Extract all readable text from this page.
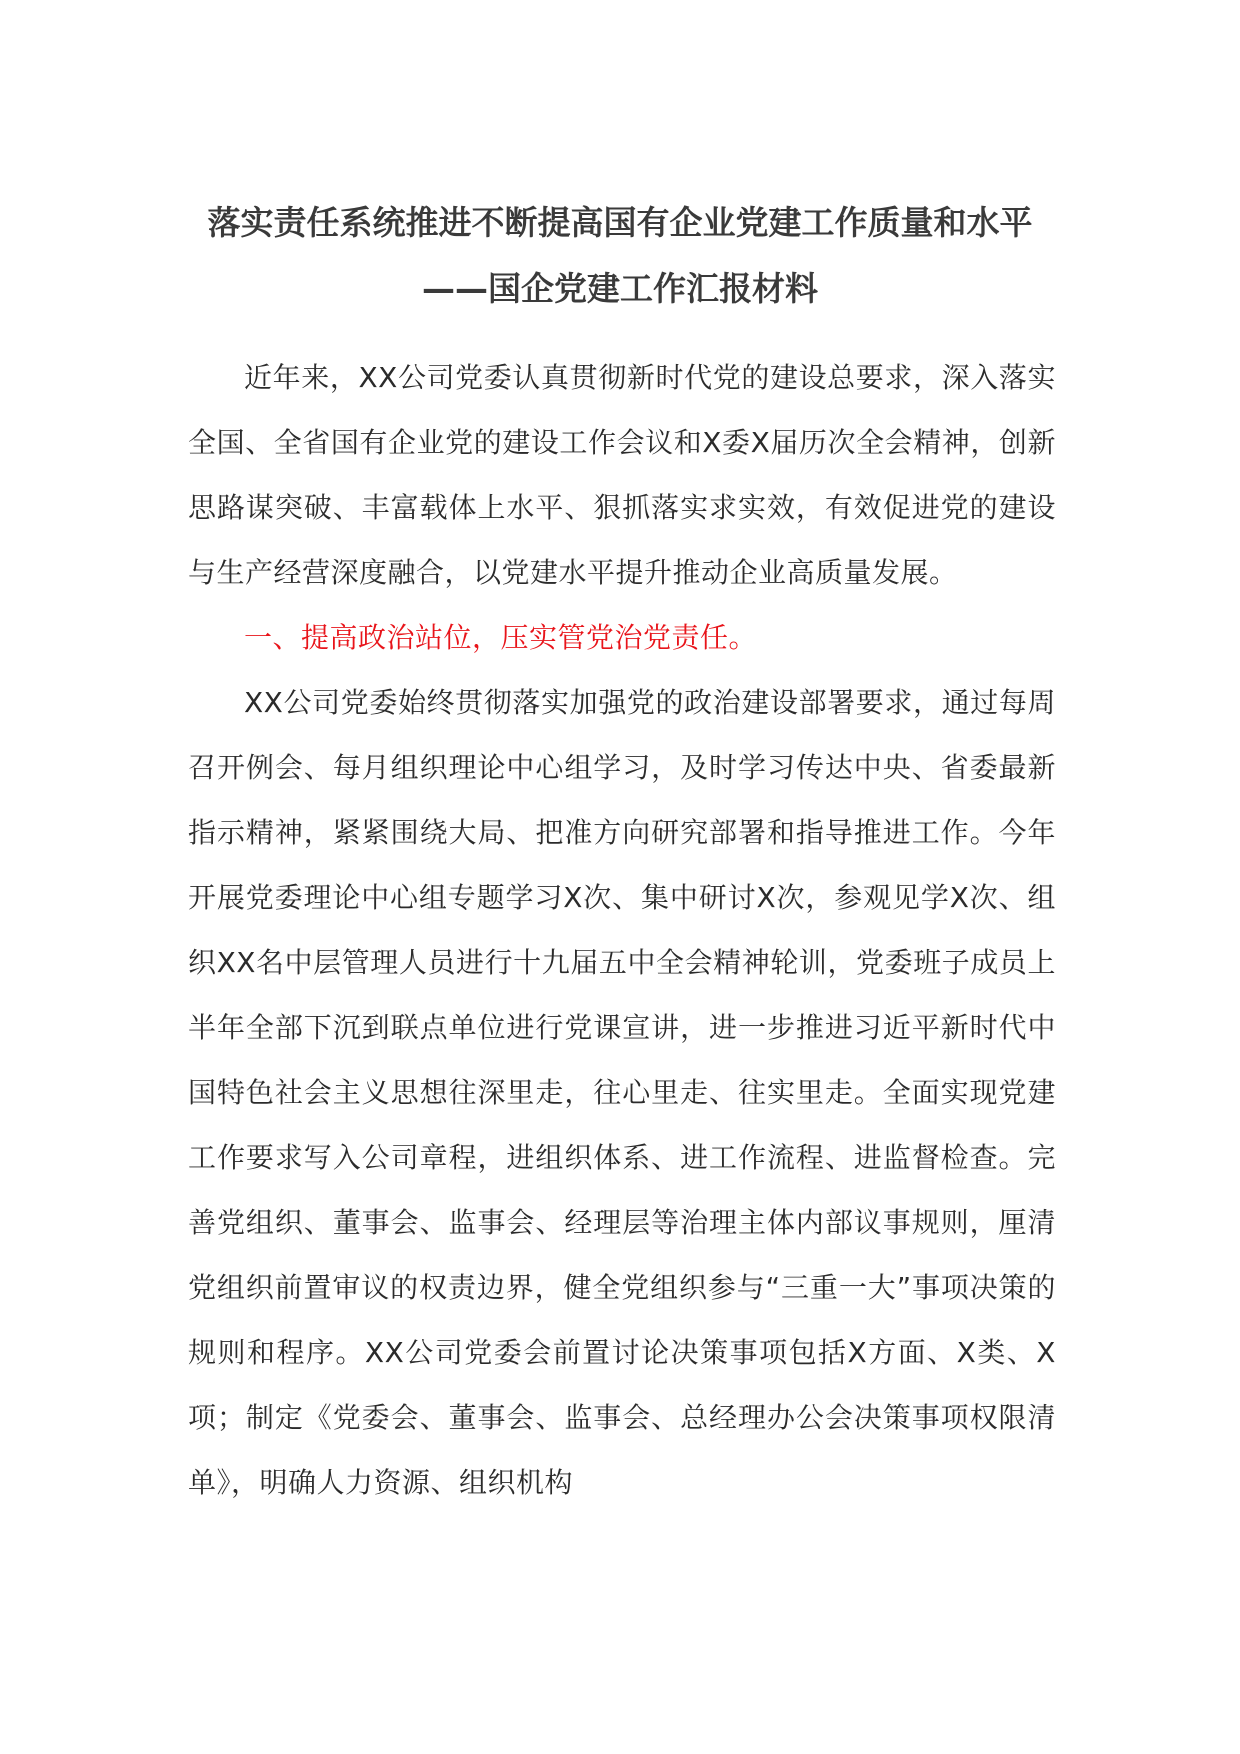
落实责任系统推进不断提高国有企业党建工作质量和水平
——国企党建工作汇报材料

近年来，XX公司党委认真贯彻新时代党的建设总要求，深入落实全国、全省国有企业党的建设工作会议和X委X届历次全会精神，创新思路谋突破、丰富载体上水平、狠抓落实求实效，有效促进党的建设与生产经营深度融合，以党建水平提升推动企业高质量发展。

一、提高政治站位，压实管党治党责任。

XX公司党委始终贯彻落实加强党的政治建设部署要求，通过每周召开例会、每月组织理论中心组学习，及时学习传达中央、省委最新指示精神，紧紧围绕大局、把准方向研究部署和指导推进工作。今年开展党委理论中心组专题学习X次、集中研讨X次，参观见学X次、组织XX名中层管理人员进行十九届五中全会精神轮训，党委班子成员上半年全部下沉到联点单位进行党课宣讲，进一步推进习近平新时代中国特色社会主义思想往深里走，往心里走、往实里走。全面实现党建工作要求写入公司章程，进组织体系、进工作流程、进监督检查。完善党组织、董事会、监事会、经理层等治理主体内部议事规则，厘清党组织前置审议的权责边界，健全党组织参与“三重一大”事项决策的规则和程序。XX公司党委会前置讨论决策事项包括X方面、X类、X项；制定《党委会、董事会、监事会、总经理办公会决策事项权限清单》，明确人力资源、组织机构
